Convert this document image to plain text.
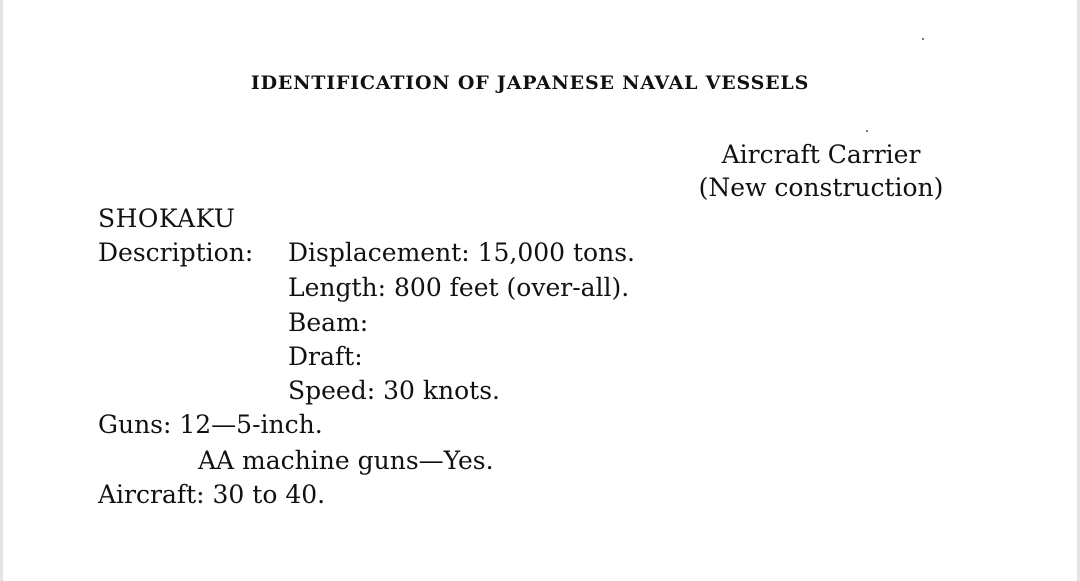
IDENTIFICATION OF JAPANESE NAVAL VESSELS
Aircraft Carrier
(New construction)
SHOKAKU
Description: Displacement: 15,000 tons.
Length: 800 feet (over-all).
Beam:
Draft:
Speed: 30 knots.
Guns: 12—5-inch.
AA machine guns—Yes.
Aircraft: 30 to 40.
